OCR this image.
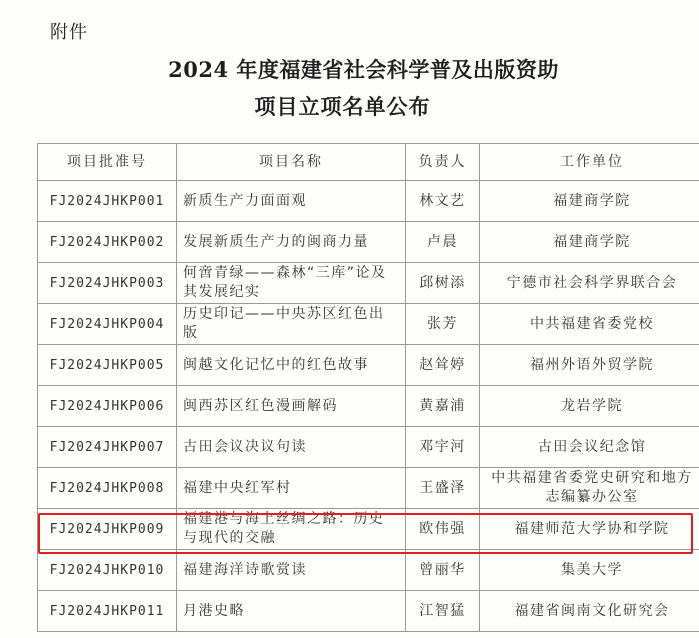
附件
2024 年度福建省社会科学普及出版资助
项目立项名单公布
项目批准号	项目名称	负责人	工作单位
FJ2024JHKP001	新质生产力面面观	林文艺	福建商学院
FJ2024JHKP002	发展新质生产力的闽商力量	卢晨	福建商学院
FJ2024JHKP003	何啻青绿——森林“三库”论及其发展纪实	邱树添	宁德市社会科学界联合会
FJ2024JHKP004	历史印记——中央苏区红色出版	张芳	中共福建省委党校
FJ2024JHKP005	闽越文化记忆中的红色故事	赵耸婷	福州外语外贸学院
FJ2024JHKP006	闽西苏区红色漫画解码	黄嘉浦	龙岩学院
FJ2024JHKP007	古田会议决议句读	邓宇河	古田会议纪念馆
FJ2024JHKP008	福建中央红军村	王盛泽	中共福建省委党史研究和地方志编纂办公室
FJ2024JHKP009	福建港与海上丝绸之路：历史与现代的交融	欧伟强	福建师范大学协和学院
FJ2024JHKP010	福建海洋诗歌赏读	曾丽华	集美大学
FJ2024JHKP011	月港史略	江智猛	福建省闽南文化研究会
